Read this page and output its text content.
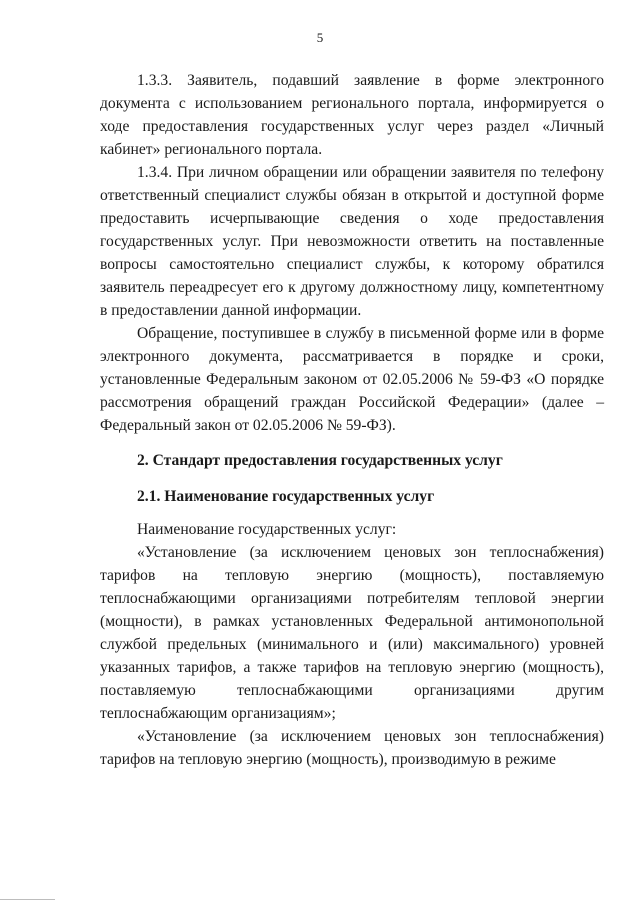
5

1.3.3. Заявитель, подавший заявление в форме электронного документа с использованием регионального портала, информируется о ходе предоставления государственных услуг через раздел «Личный кабинет» регионального портала.

1.3.4. При личном обращении или обращении заявителя по телефону ответственный специалист службы обязан в открытой и доступной форме предоставить исчерпывающие сведения о ходе предоставления государственных услуг. При невозможности ответить на поставленные вопросы самостоятельно специалист службы, к которому обратился заявитель переадресует его к другому должностному лицу, компетентному в предоставлении данной информации.

Обращение, поступившее в службу в письменной форме или в форме электронного документа, рассматривается в порядке и сроки, установленные Федеральным законом от 02.05.2006 № 59-ФЗ «О порядке рассмотрения обращений граждан Российской Федерации» (далее – Федеральный закон от 02.05.2006 № 59-ФЗ).

2. Стандарт предоставления государственных услуг

2.1. Наименование государственных услуг

Наименование государственных услуг:

«Установление (за исключением ценовых зон теплоснабжения) тарифов на тепловую энергию (мощность), поставляемую теплоснабжающими организациями потребителям тепловой энергии (мощности), в рамках установленных Федеральной антимонопольной службой предельных (минимального и (или) максимального) уровней указанных тарифов, а также тарифов на тепловую энергию (мощность), поставляемую теплоснабжающими организациями другим теплоснабжающим организациям»;

«Установление (за исключением ценовых зон теплоснабжения) тарифов на тепловую энергию (мощность), производимую в режиме
